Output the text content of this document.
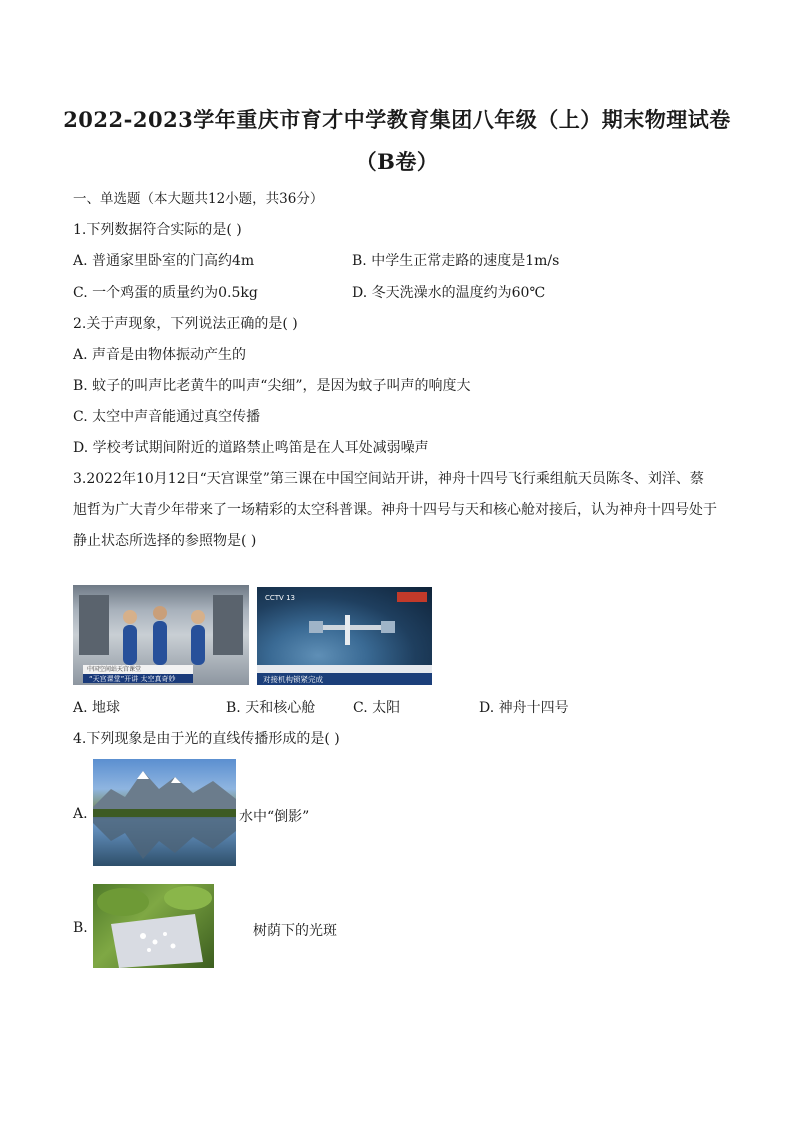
2022-2023学年重庆市育才中学教育集团八年级（上）期末物理试卷
（B卷）
一、单选题（本大题共12小题，共36分）
1.下列数据符合实际的是( )
A. 普通家里卧室的门高约4m	B. 中学生正常走路的速度是1m/s
C. 一个鸡蛋的质量约为0.5kg	D. 冬天洗澡水的温度约为60℃
2.关于声现象，下列说法正确的是( )
A. 声音是由物体振动产生的
B. 蚊子的叫声比老黄牛的叫声“尖细”，是因为蚊子叫声的响度大
C. 太空中声音能通过真空传播
D. 学校考试期间附近的道路禁止鸣笛是在人耳处减弱噪声
3.2022年10月12日“天宫课堂”第三课在中国空间站开讲，神舟十四号飞行乘组航天员陈冬、刘洋、蔡
旭哲为广大青少年带来了一场精彩的太空科普课。神舟十四号与天和核心舱对接后，认为神舟十四号处于
静止状态所选择的参照物是( )
中国空间站天宫课堂
“天宫课堂”开讲 太空真奇妙
CCTV 13
对接机构锁紧完成
A. 地球	B. 天和核心舱	C. 太阳	D. 神舟十四号
4.下列现象是由于光的直线传播形成的是( )
A.	水中“倒影”
B.	树荫下的光斑
